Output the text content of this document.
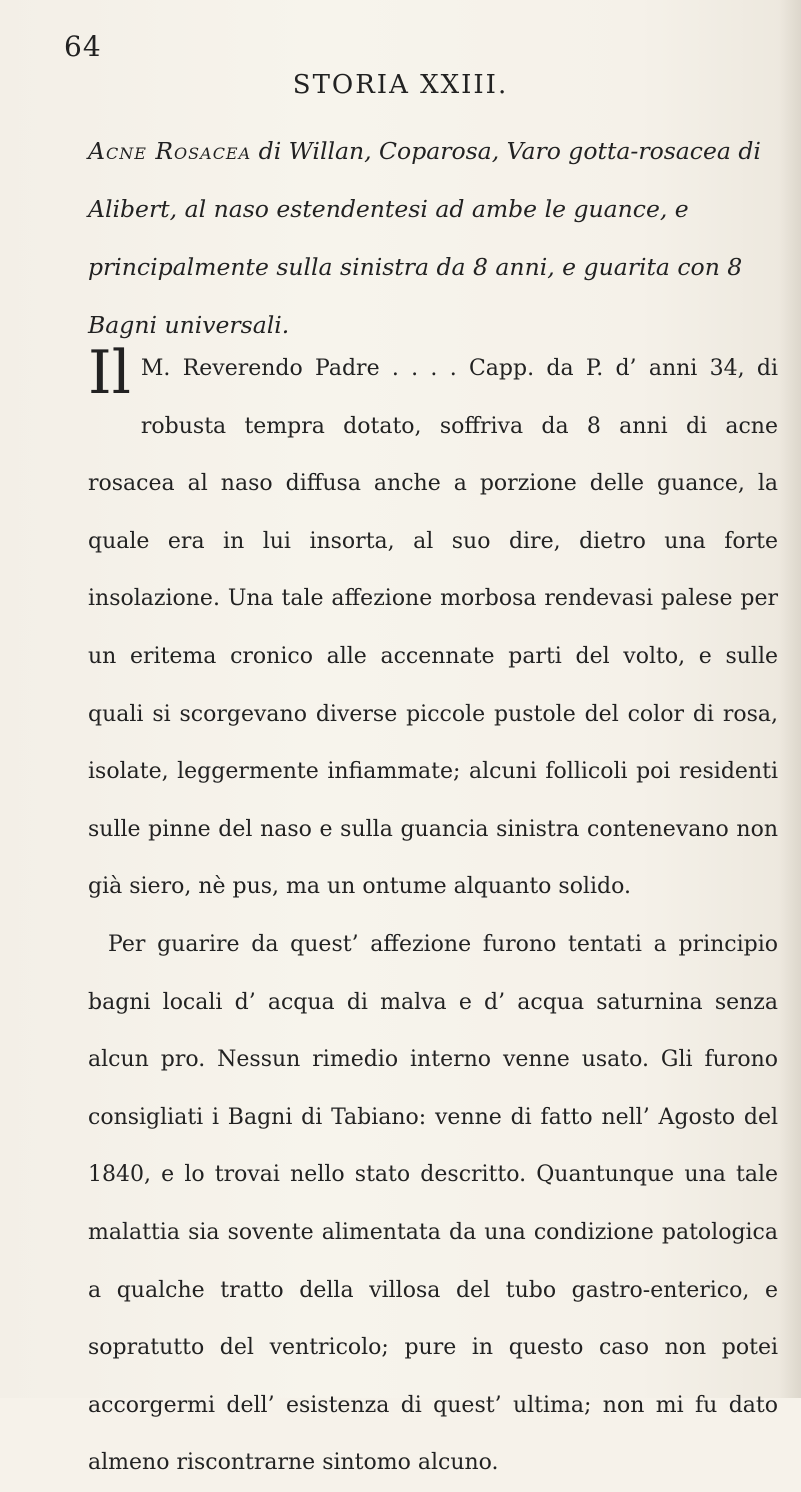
64
STORIA XXIII.
Acne Rosacea di Willan, Coparosa, Varo gotta-rosacea di Alibert, al naso estendentesi ad ambe le guance, e principalmente sulla sinistra da 8 anni, e guarita con 8 Bagni universali.

Il M. Reverendo Padre . . . . Capp. da P. d’ anni 34, di robusta tempra dotato, soffriva da 8 anni di acne rosacea al naso diffusa anche a porzione delle guance, la quale era in lui insorta, al suo dire, dietro una forte insolazione. Una tale affezione morbosa rendevasi palese per un eritema cronico alle accennate parti del volto, e sulle quali si scorgevano diverse piccole pustole del color di rosa, isolate, leggermente infiammate; alcuni follicoli poi residenti sulle pinne del naso e sulla guancia sinistra contenevano non già siero, nè pus, ma un ontume alquanto solido.

Per guarire da quest’ affezione furono tentati a principio bagni locali d’ acqua di malva e d’ acqua saturnina senza alcun pro. Nessun rimedio interno venne usato. Gli furono consigliati i Bagni di Tabiano: venne di fatto nell’ Agosto del 1840, e lo trovai nello stato descritto. Quantunque una tale malattia sia sovente alimentata da una condizione patologica a qualche tratto della villosa del tubo gastro-enterico, e sopratutto del ventricolo; pure in questo caso non potei accorgermi dell’ esistenza di quest’ ultima; non mi fu dato almeno riscontrarne sintomo alcuno.
